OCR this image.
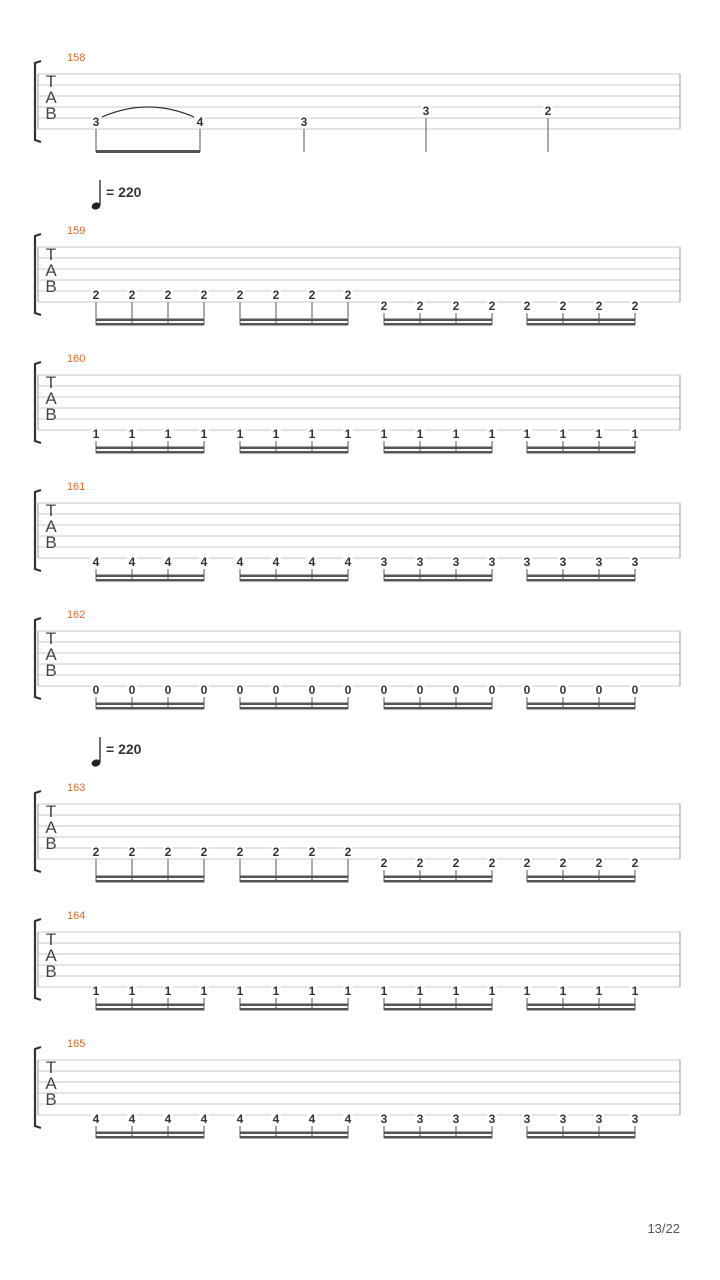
T
A
B
158
3	4	3
3	2
T
A
B
159
2 2 2 2 2 2 2 2
2 2 2 2 2 2 2 2
T
A
B
160
1 1 1 1 1 1 1 1 1 1 1 1 1 1 1 1
T
A
B
161
4 4 4 4 4 4 4 4 3 3 3 3 3 3 3 3
T
A
B
162
0 0 0 0 0 0 0 0 0 0 0 0 0 0 0 0
T
A
B
163
2 2 2 2 2 2 2 2
2 2 2 2 2 2 2 2
T
A
B
164
1 1 1 1 1 1 1 1 1 1 1 1 1 1 1 1
T
A
B
165
4 4 4 4 4 4 4 4 3 3 3 3 3 3 3 3
= 220
= 220
13/22
